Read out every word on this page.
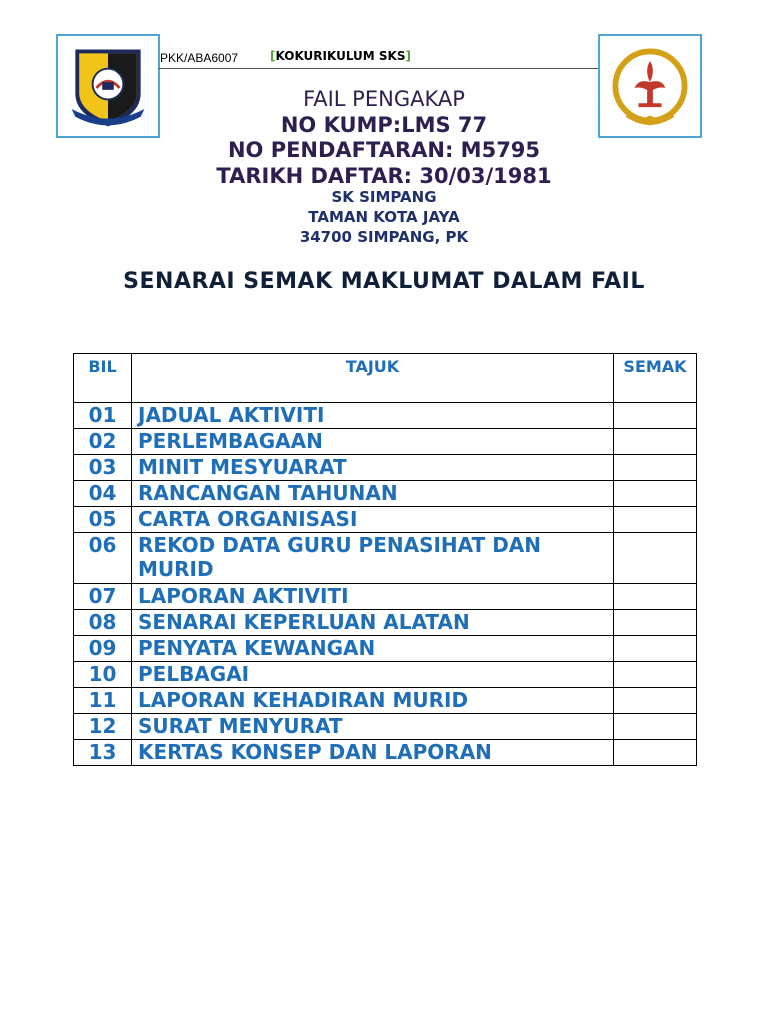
PKK/ABA6007	[KOKURIKULUM SKS]
FAIL PENGAKAP
NO KUMP:LMS 77
NO PENDAFTARAN: M5795
TARIKH DAFTAR: 30/03/1981
SK SIMPANG
TAMAN KOTA JAYA
34700 SIMPANG, PK
SENARAI SEMAK MAKLUMAT DALAM FAIL
BIL	TAJUK	SEMAK
01	JADUAL AKTIVITI	
02	PERLEMBAGAAN	
03	MINIT MESYUARAT	
04	RANCANGAN TAHUNAN	
05	CARTA ORGANISASI	
06	REKOD DATA GURU PENASIHAT DAN MURID	
07	LAPORAN AKTIVITI	
08	SENARAI KEPERLUAN ALATAN	
09	PENYATA KEWANGAN	
10	PELBAGAI	
11	LAPORAN KEHADIRAN MURID	
12	SURAT MENYURAT	
13	KERTAS KONSEP DAN LAPORAN	
